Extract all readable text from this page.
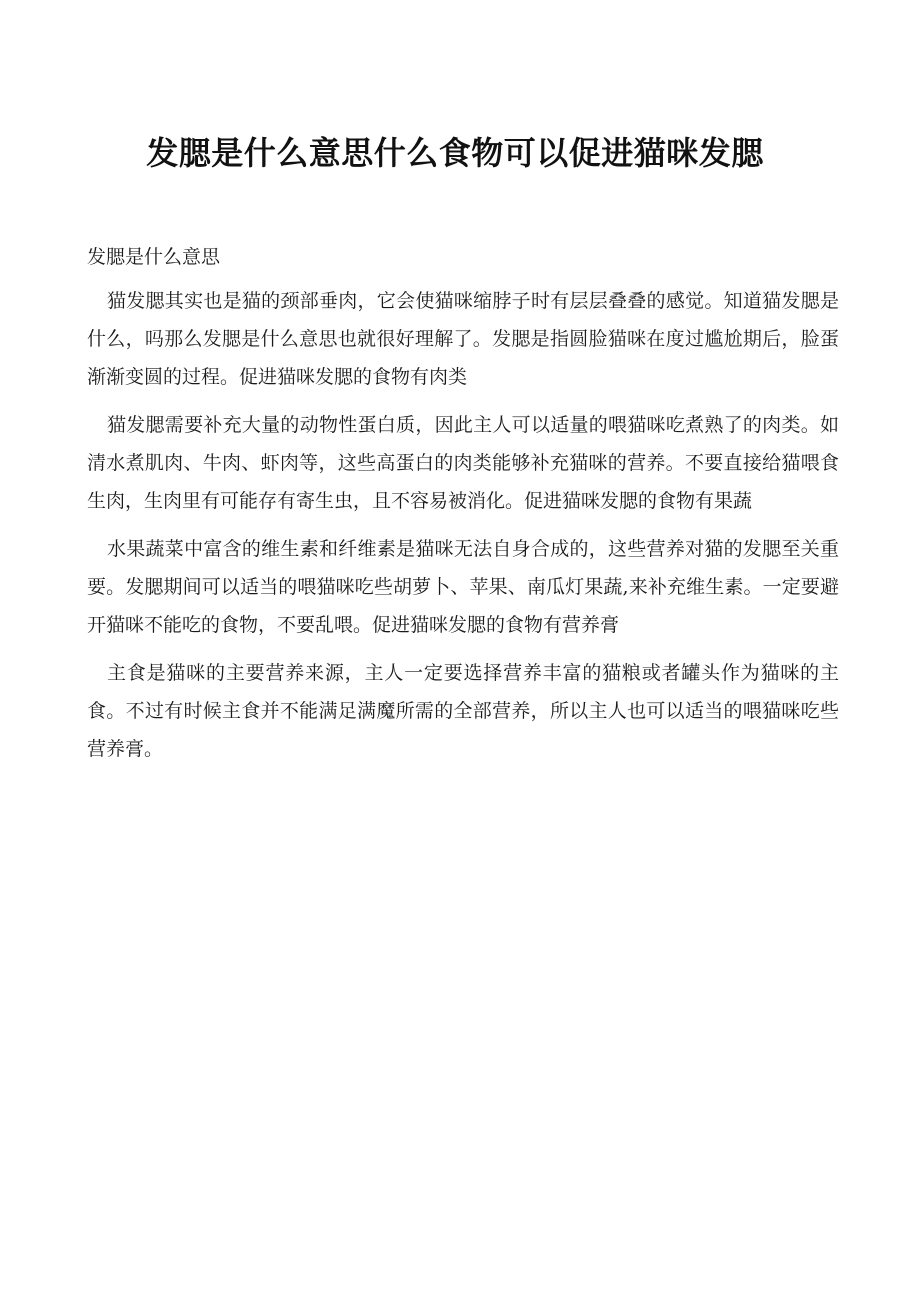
发腮是什么意思什么食物可以促进猫咪发腮

发腮是什么意思

猫发腮其实也是猫的颈部垂肉，它会使猫咪缩脖子时有层层叠叠的感觉。知道猫发腮是什么，吗那么发腮是什么意思也就很好理解了。发腮是指圆脸猫咪在度过尴尬期后，脸蛋渐渐变圆的过程。促进猫咪发腮的食物有肉类

猫发腮需要补充大量的动物性蛋白质，因此主人可以适量的喂猫咪吃煮熟了的肉类。如清水煮肌肉、牛肉、虾肉等，这些高蛋白的肉类能够补充猫咪的营养。不要直接给猫喂食生肉，生肉里有可能存有寄生虫，且不容易被消化。促进猫咪发腮的食物有果蔬

水果蔬菜中富含的维生素和纤维素是猫咪无法自身合成的，这些营养对猫的发腮至关重要。发腮期间可以适当的喂猫咪吃些胡萝卜、苹果、南瓜灯果蔬,来补充维生素。一定要避开猫咪不能吃的食物，不要乱喂。促进猫咪发腮的食物有营养膏

主食是猫咪的主要营养来源，主人一定要选择营养丰富的猫粮或者罐头作为猫咪的主食。不过有时候主食并不能满足满魔所需的全部营养，所以主人也可以适当的喂猫咪吃些营养膏。
